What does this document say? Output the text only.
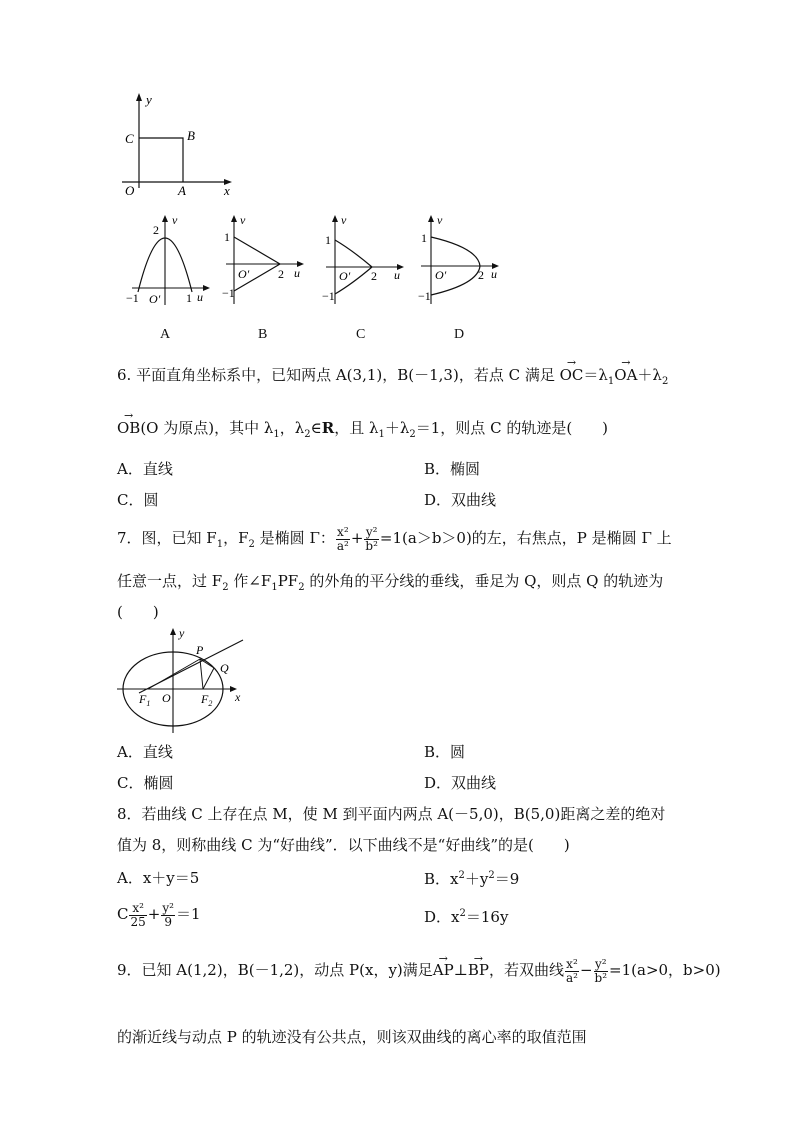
y
C	B
O	A	x
v
2
−1 O′ 1 u
v
1
O′ 2 u
−1
v
1
O′ 2 u
−1
v
1
O′	2 u
−1
A	B	C	D
6. 平面直角坐标系中，已知两点 A(3,1)，B(－1,3)，若点 C 满足 → $OC=\lambda_1\to OA+\lambda_2$
→ OB(O 为原点)，其中 $\lambda_1$，$\lambda_2\in R$，且 $\lambda_1+\lambda_2=1$，则点 C 的轨迹是(　　)
A．直线	B．椭圆
C．圆	D．双曲线
7．图，已知 $F_1$，$F_2$ 是椭圆 Γ： $\frac{\text{x²}}{\text{a²}} + \frac{\text{y²}}{\text{b²}} =1(a>b>0)$的左，右焦点，P 是椭圆 Γ 上
任意一点，过 $F_2$ 作$\angle F_1PF_2$ 的外角的平分线的垂线，垂足为 Q，则点 Q 的轨迹为
(　　)
y
P
Q
$F_1$ O	$F_2$ x
A．直线	B．圆
C．椭圆	D．双曲线
8．若曲线 C 上存在点 M，使 M 到平面内两点 A(－5,0)，B(5,0)距离之差的绝对
值为 8，则称曲线 C 为“好曲线”．以下曲线不是“好曲线”的是(　　)
A．x＋y＝5	B．$x^2+y^2=9$
C $\frac{\text{x²}}{25} + \frac{\text{y²}}{9} =1$	D．$x^2=16y$
9．已知 A(1,2)，B(－1,2)，动点 P(x，y)满足→ AP⊥→ BP，若双曲线 $\frac{\text{x²}}{\text{a²}} - \frac{\text{y²}}{\text{b²}} =1(a>0$，b>0)
的渐近线与动点 P 的轨迹没有公共点，则该双曲线的离心率的取值范围
